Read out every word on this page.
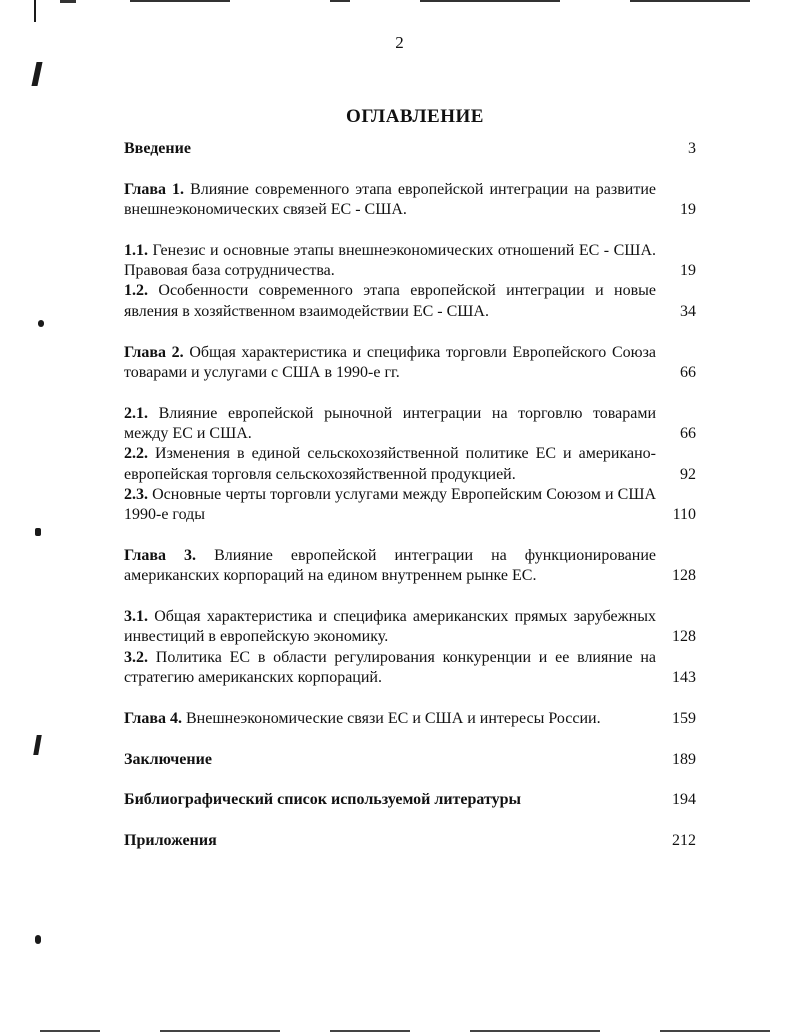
2
ОГЛАВЛЕНИЕ
Введение	3
Глава 1. Влияние современного этапа европейской интеграции на развитие внешнеэкономических связей ЕС - США.	19
1.1. Генезис и основные этапы внешнеэкономических отношений ЕС - США. Правовая база сотрудничества.	19
1.2. Особенности современного этапа европейской интеграции и новые явления в хозяйственном взаимодействии ЕС - США.	34
Глава 2. Общая характеристика и специфика торговли Европейского Союза товарами и услугами с США в 1990-е гг.	66
2.1. Влияние европейской рыночной интеграции на торговлю товарами между ЕС и США.	66
2.2. Изменения в единой сельскохозяйственной политике ЕС и американо-европейская торговля сельскохозяйственной продукцией.	92
2.3. Основные черты торговли услугами между Европейским Союзом и США 1990-е годы	110
Глава 3. Влияние европейской интеграции на функционирование американских корпораций на едином внутреннем рынке ЕС.	128
3.1. Общая характеристика и специфика американских прямых зарубежных инвестиций в европейскую экономику.	128
3.2. Политика ЕС в области регулирования конкуренции и ее влияние на стратегию американских корпораций.	143
Глава 4. Внешнеэкономические связи ЕС и США и интересы России.	159
Заключение	189
Библиографический список используемой литературы	194
Приложения	212
